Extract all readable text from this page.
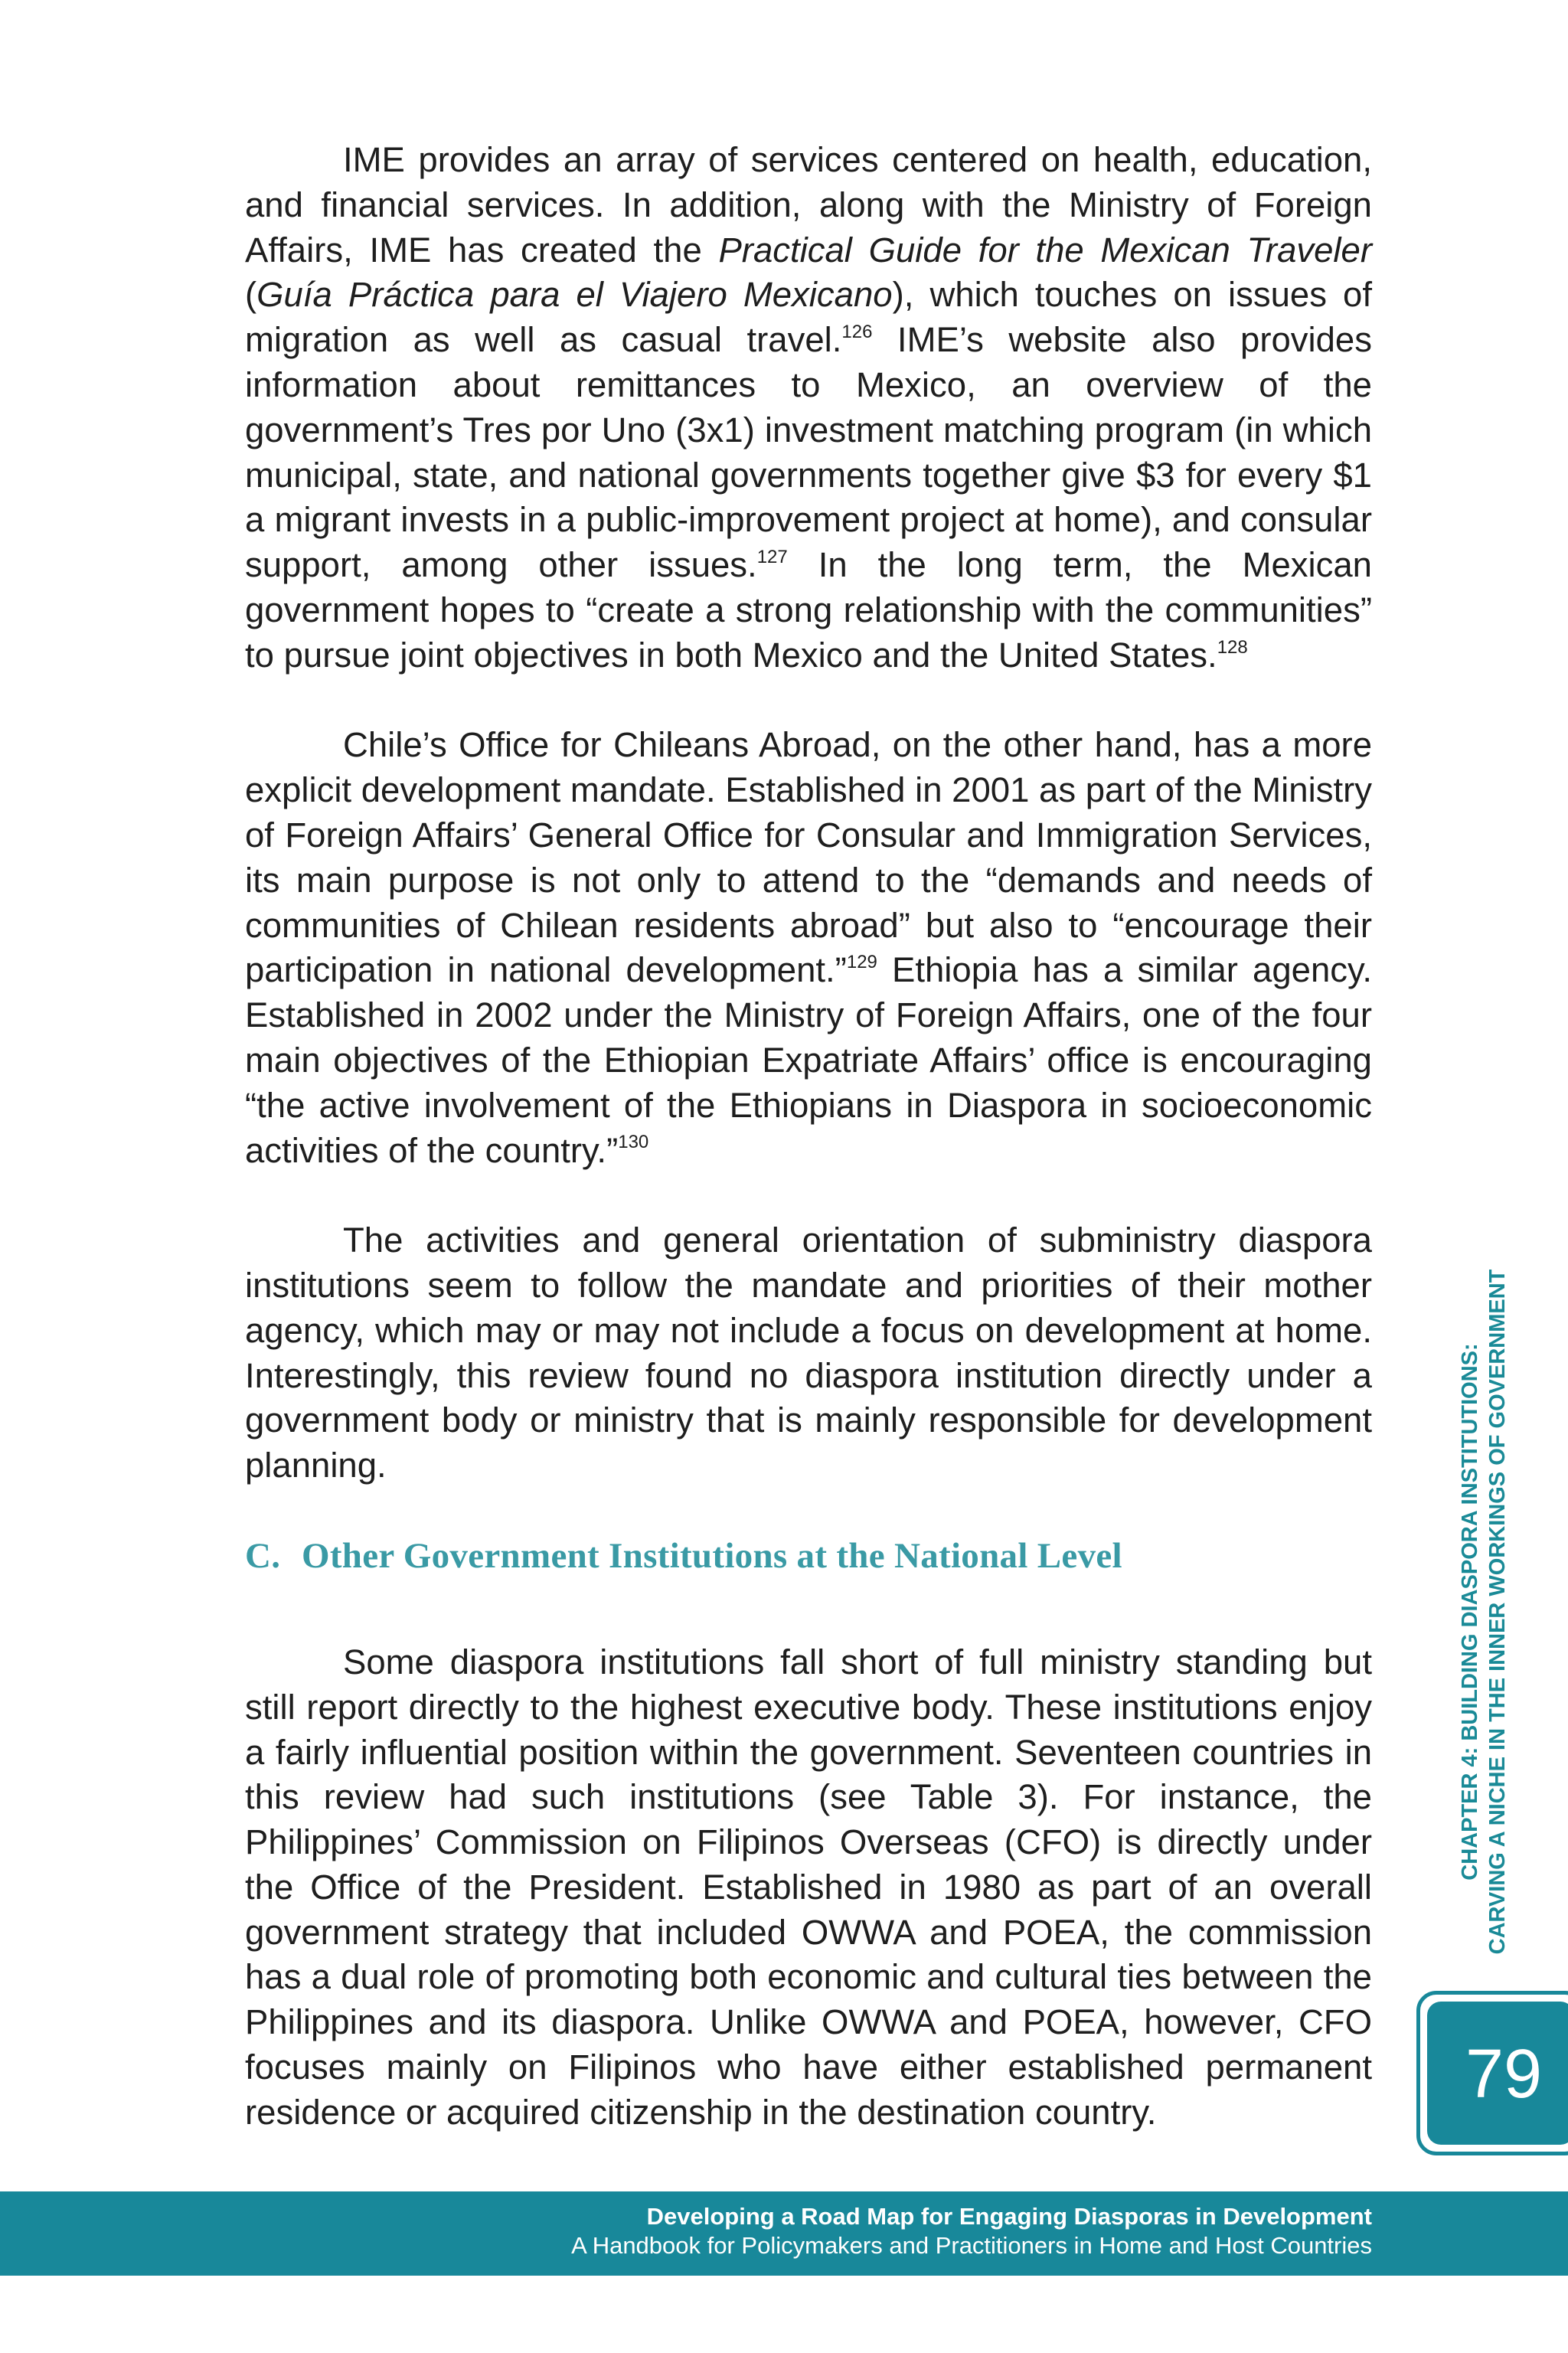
IME provides an array of services centered on health, education, and financial services. In addition, along with the Ministry of Foreign Affairs, IME has created the Practical Guide for the Mexican Traveler (Guía Práctica para el Viajero Mexicano), which touches on issues of migration as well as casual travel.$^{126}$ IME’s website also provides information about remittances to Mexico, an overview of the government’s Tres por Uno (3x1) investment matching program (in which municipal, state, and national governments together give $3 for every $1 a migrant invests in a public-improvement project at home), and consular support, among other issues.$^{127}$ In the long term, the Mexican government hopes to “create a strong relationship with the communities” to pursue joint objectives in both Mexico and the United States.$^{128}$

Chile’s Office for Chileans Abroad, on the other hand, has a more explicit development mandate. Established in 2001 as part of the Ministry of Foreign Affairs’ General Office for Consular and Immigration Services, its main purpose is not only to attend to the “demands and needs of communities of Chilean residents abroad” but also to “encourage their participation in national development.”$^{129}$ Ethiopia has a similar agency. Established in 2002 under the Ministry of Foreign Affairs, one of the four main objectives of the Ethiopian Expatriate Affairs’ office is encouraging “the active involvement of the Ethiopians in Diaspora in socioeconomic activities of the country.”$^{130}$

The activities and general orientation of subministry diaspora institutions seem to follow the mandate and priorities of their mother agency, which may or may not include a focus on development at home. Interestingly, this review found no diaspora institution directly under a government body or ministry that is mainly responsible for development planning.

C. Other Government Institutions at the National Level

Some diaspora institutions fall short of full ministry standing but still report directly to the highest executive body. These institutions enjoy a fairly influential position within the government. Seventeen countries in this review had such institutions (see Table 3). For instance, the Philippines’ Commission on Filipinos Overseas (CFO) is directly under the Office of the President. Established in 1980 as part of an overall government strategy that included OWWA and POEA, the commission has a dual role of promoting both economic and cultural ties between the Philippines and its diaspora. Unlike OWWA and POEA, however, CFO focuses mainly on Filipinos who have either established permanent residence or acquired citizenship in the destination country.

CHAPTER 4: BUILDING DIASPORA INSTITUTIONS: CARVING A NICHE IN THE INNER WORKINGS OF GOVERNMENT
79
Developing a Road Map for Engaging Diasporas in Development
A Handbook for Policymakers and Practitioners in Home and Host Countries
